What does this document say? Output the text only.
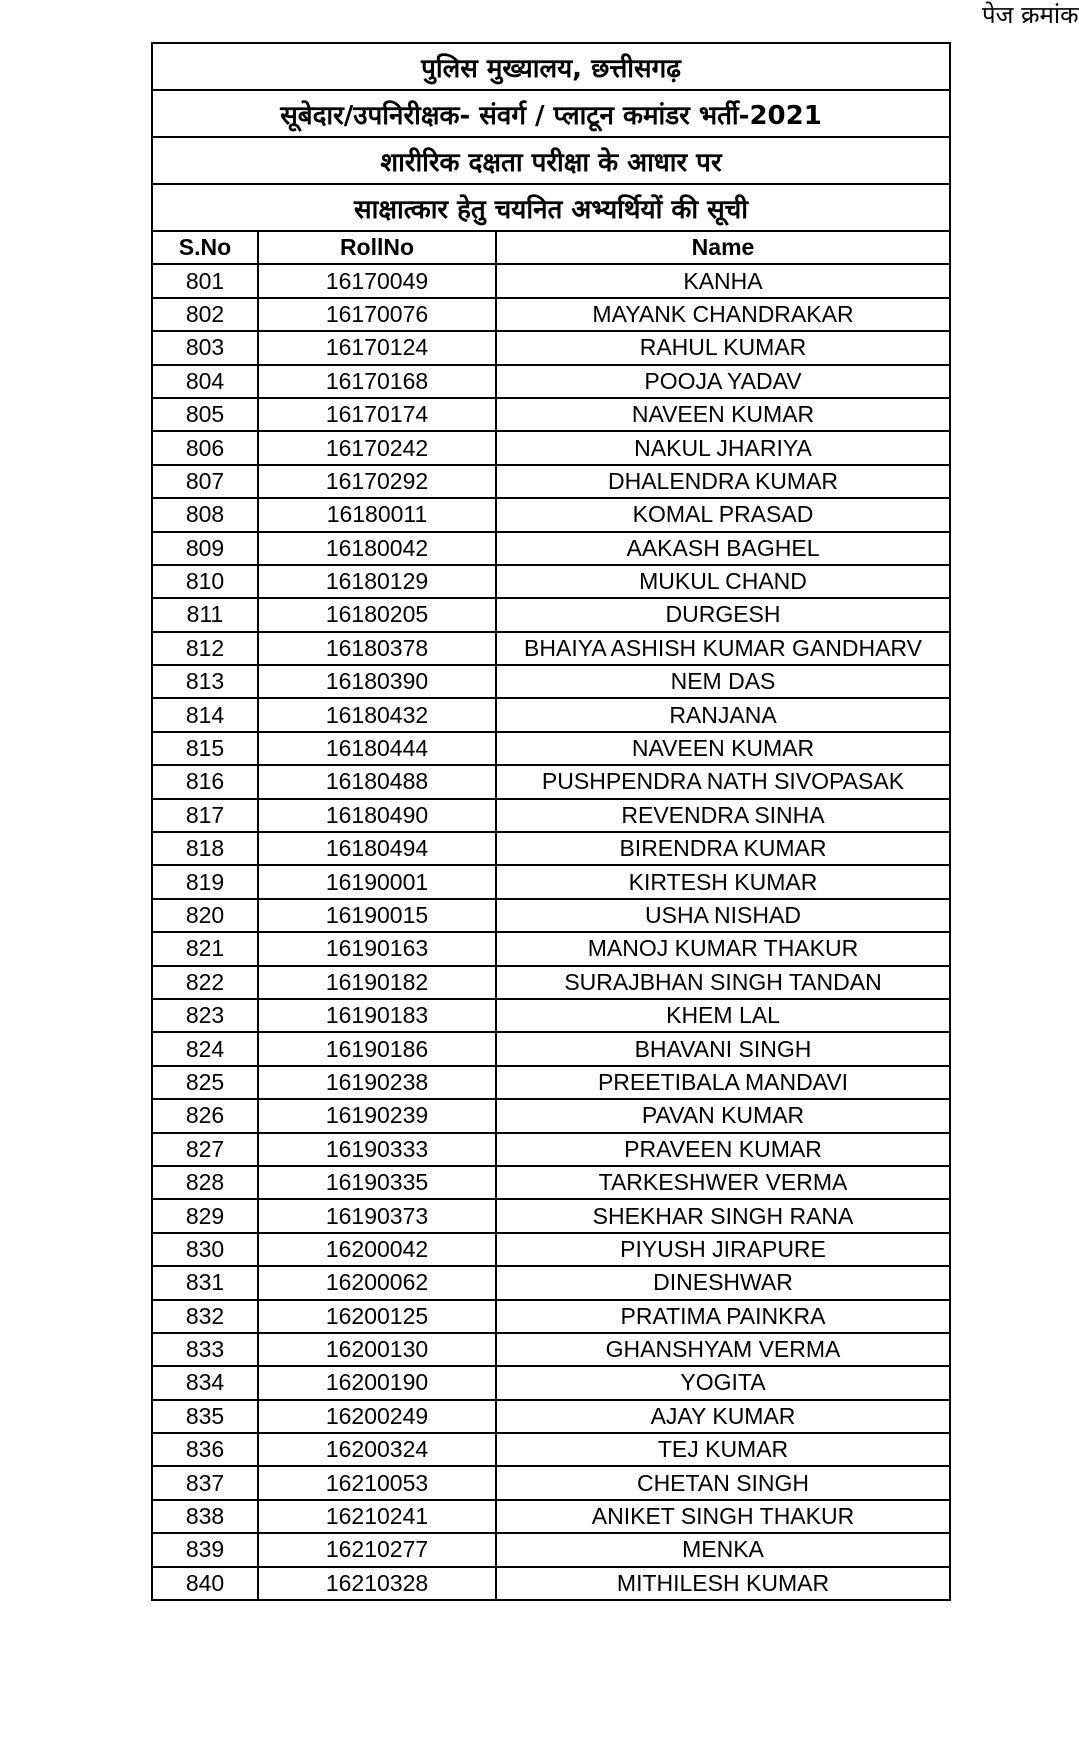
पेज क्रमांक
पुलिस मुख्यालय, छत्तीसगढ़
सूबेदार/उपनिरीक्षक- संवर्ग / प्लाटून कमांडर भर्ती-2021
शारीरिक दक्षता परीक्षा के आधार पर
साक्षात्कार हेतु चयनित अभ्यर्थियों की सूची
S.No	RollNo	Name
801	16170049	KANHA
802	16170076	MAYANK CHANDRAKAR
803	16170124	RAHUL KUMAR
804	16170168	POOJA YADAV
805	16170174	NAVEEN KUMAR
806	16170242	NAKUL JHARIYA
807	16170292	DHALENDRA KUMAR
808	16180011	KOMAL PRASAD
809	16180042	AAKASH BAGHEL
810	16180129	MUKUL CHAND
811	16180205	DURGESH
812	16180378	BHAIYA ASHISH KUMAR GANDHARV
813	16180390	NEM DAS
814	16180432	RANJANA
815	16180444	NAVEEN KUMAR
816	16180488	PUSHPENDRA NATH SIVOPASAK
817	16180490	REVENDRA SINHA
818	16180494	BIRENDRA KUMAR
819	16190001	KIRTESH KUMAR
820	16190015	USHA NISHAD
821	16190163	MANOJ KUMAR THAKUR
822	16190182	SURAJBHAN SINGH TANDAN
823	16190183	KHEM LAL
824	16190186	BHAVANI SINGH
825	16190238	PREETIBALA MANDAVI
826	16190239	PAVAN KUMAR
827	16190333	PRAVEEN KUMAR
828	16190335	TARKESHWER VERMA
829	16190373	SHEKHAR SINGH RANA
830	16200042	PIYUSH JIRAPURE
831	16200062	DINESHWAR
832	16200125	PRATIMA PAINKRA
833	16200130	GHANSHYAM VERMA
834	16200190	YOGITA
835	16200249	AJAY KUMAR
836	16200324	TEJ KUMAR
837	16210053	CHETAN SINGH
838	16210241	ANIKET SINGH THAKUR
839	16210277	MENKA
840	16210328	MITHILESH KUMAR
